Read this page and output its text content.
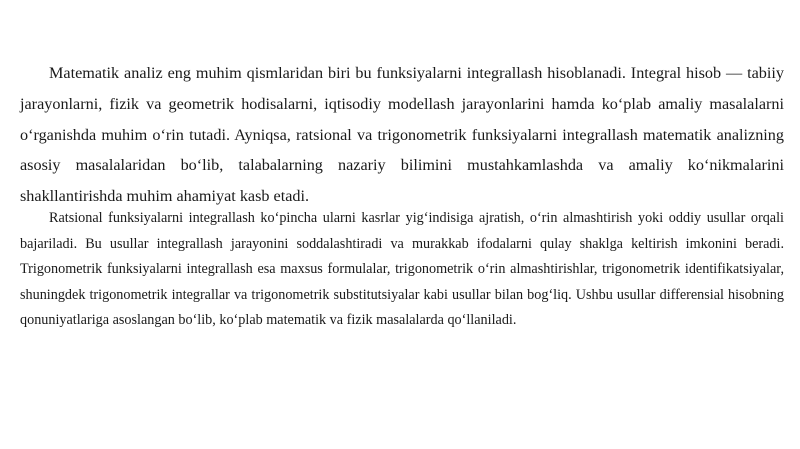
Matematik analiz eng muhim qismlaridan biri bu funksiyalarni integrallash hisoblanadi. Integral hisob — tabiiy jarayonlarni, fizik va geometrik hodisalarni, iqtisodiy modellash jarayonlarini hamda koʻplab amaliy masalalarni oʻrganishda muhim oʻrin tutadi. Ayniqsa, ratsional va trigonometrik funksiyalarni integrallash matematik analizning asosiy masalalaridan boʻlib, talabalarning nazariy bilimini mustahkamlashda va amaliy koʻnikmalarini shakllantirishda muhim ahamiyat kasb etadi.

Ratsional funksiyalarni integrallash koʻpincha ularni kasrlar yigʻindisiga ajratish, oʻrin almashtirish yoki oddiy usullar orqali bajariladi. Bu usullar integrallash jarayonini soddalashtiradi va murakkab ifodalarni qulay shaklga keltirish imkonini beradi. Trigonometrik funksiyalarni integrallash esa maxsus formulalar, trigonometrik oʻrin almashtirishlar, trigonometrik identifikatsiyalar, shuningdek trigonometrik integrallar va trigonometrik substitutsiyalar kabi usullar bilan bogʻliq. Ushbu usullar differensial hisobning qonuniyatlariga asoslangan boʻlib, koʻplab matematik va fizik masalalarda qoʻllaniladi.
